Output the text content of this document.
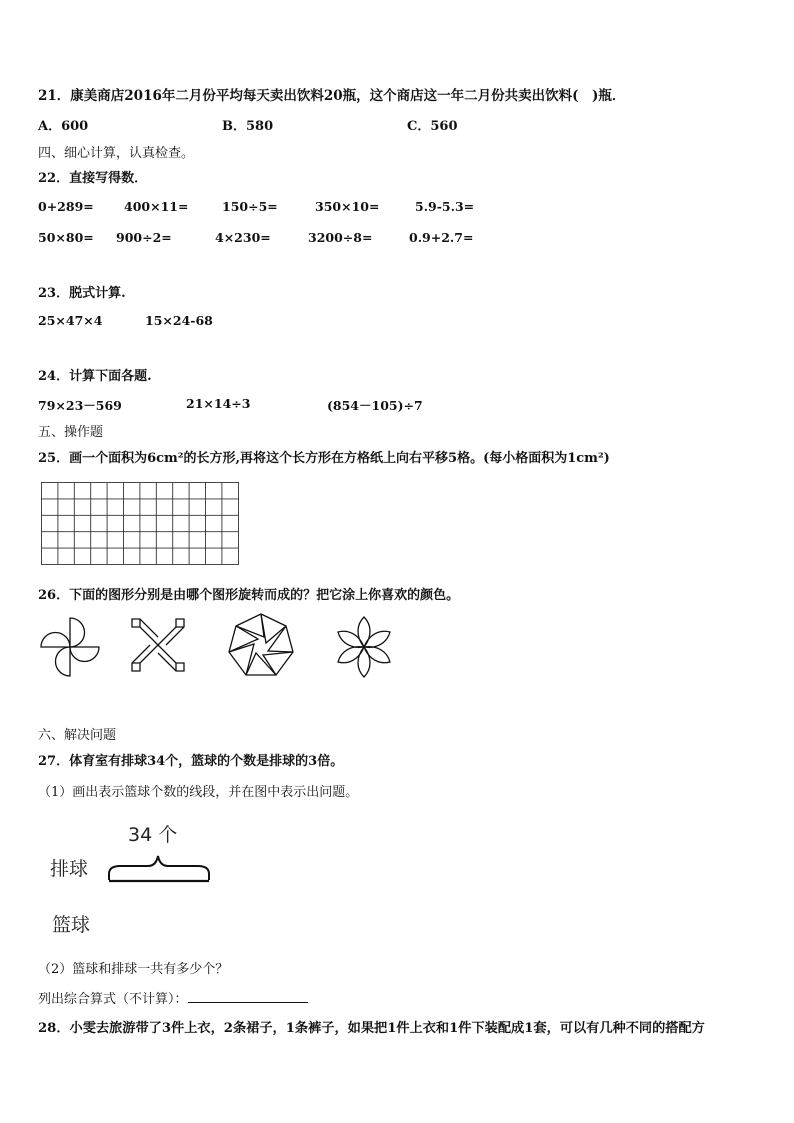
21．康美商店2016年二月份平均每天卖出饮料20瓶，这个商店这一年二月份共卖出饮料(　)瓶．
A．600	B．580	C．560
四、细心计算，认真检查。
22．直接写得数．
0+289= 400×11=	150÷5=	350×10=	5.9-5.3=
50×80= 900÷2=	4×230=	3200÷8=	0.9+2.7=
23．脱式计算.
25×47×4	15×24-68
24．计算下面各题.
79×23－569	21×14÷3	(854－105)÷7
五、操作题
25．画一个面积为6cm²的长方形,再将这个长方形在方格纸上向右平移5格。(每小格面积为1cm²)
26．下面的图形分别是由哪个图形旋转而成的？把它涂上你喜欢的颜色。
六、解决问题
27．体育室有排球34个，篮球的个数是排球的3倍。
（1）画出表示篮球个数的线段，并在图中表示出问题。
34 个
排球
篮球
（2）篮球和排球一共有多少个？
列出综合算式（不计算）：
28．小雯去旅游带了3件上衣，2条裙子，1条裤子，如果把1件上衣和1件下装配成1套，可以有几种不同的搭配方
